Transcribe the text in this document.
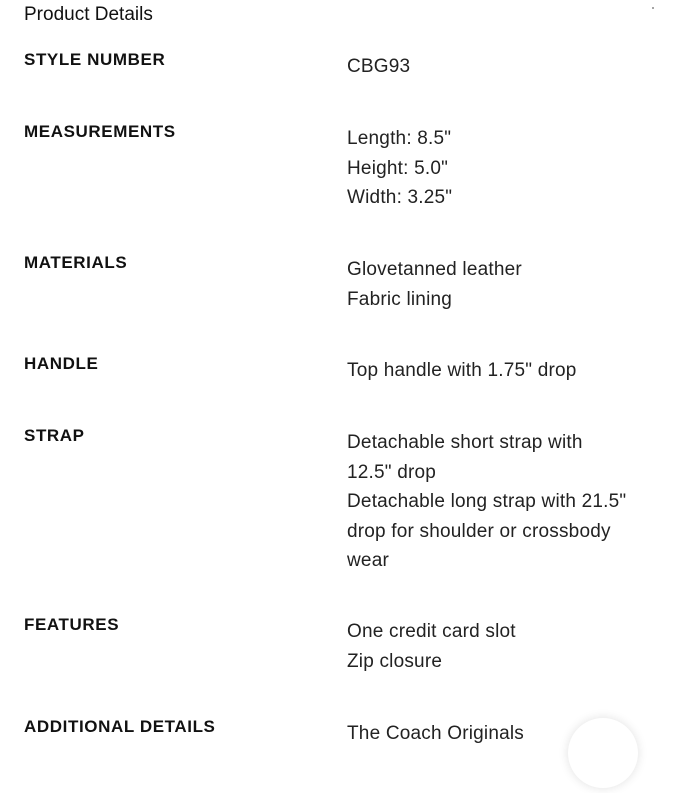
Product Details
STYLE NUMBER	CBG93
MEASUREMENTS	Length: 8.5"
Height: 5.0"
Width: 3.25"
MATERIALS	Glovetanned leather
Fabric lining
HANDLE	Top handle with 1.75" drop
STRAP	Detachable short strap with
12.5" drop
Detachable long strap with 21.5"
drop for shoulder or crossbody
wear
FEATURES	One credit card slot
Zip closure
ADDITIONAL DETAILS	The Coach Originals
